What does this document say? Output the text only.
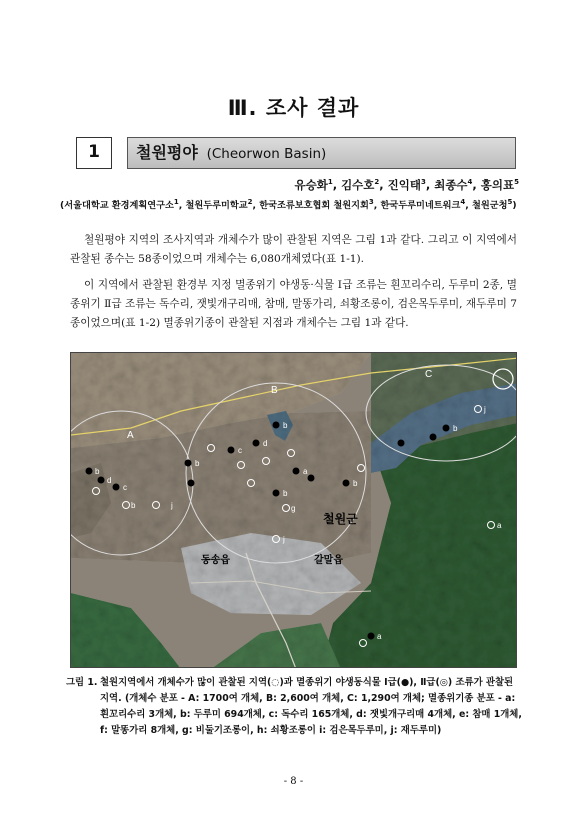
Ⅲ. 조사 결과
1	철원평야 (Cheorwon Basin)
유승화$^1$, 김수호$^2$, 진익태$^3$, 최종수$^4$, 홍의표$^5$
(서울대학교 환경계획연구소$^1$, 철원두루미학교$^2$, 한국조류보호협회 철원지회$^3$, 한국두루미네트워크$^4$, 철원군청$^5$)

철원평야 지역의 조사지역과 개체수가 많이 관찰된 지역은 그림 1과 같다. 그리고 이 지역에서 관찰된 종수는 58종이었으며 개체수는 6,080개체였다(표 1-1).

이 지역에서 관찰된 환경부 지정 멸종위기 야생동·식물 Ⅰ급 조류는 흰꼬리수리, 두루미 2종, 멸종위기 Ⅱ급 조류는 독수리, 잿빛개구리매, 참매, 말똥가리, 쇠황조롱이, 검은목두루미, 재두루미 7종이었으며(표 1-2) 멸종위기종이 관찰된 지점과 개체수는 그림 1과 같다.

b
d
c
b
c
d
b
a
b
b
b
j
a
b	j	g
j
a
A
B
C
철원군
동송읍	갈말읍
그림 1. 철원지역에서 개체수가 많이 관찰된 지역(◌)과 멸종위기 야생동식물 Ⅰ급(●), Ⅱ급(◎) 조류가 관찰된 지역. (개체수 분포 - A: 1700여 개체, B: 2,600여 개체, C: 1,290여 개체; 멸종위기종 분포 - a: 흰꼬리수리 3개체, b: 두루미 694개체, c: 독수리 165개체, d: 잿빛개구리매 4개체, e: 참매 1개체, f: 말똥가리 8개체, g: 비둘기조롱이, h: 쇠황조롱이 i: 검은목두루미, j: 재두루미)
- 8 -
